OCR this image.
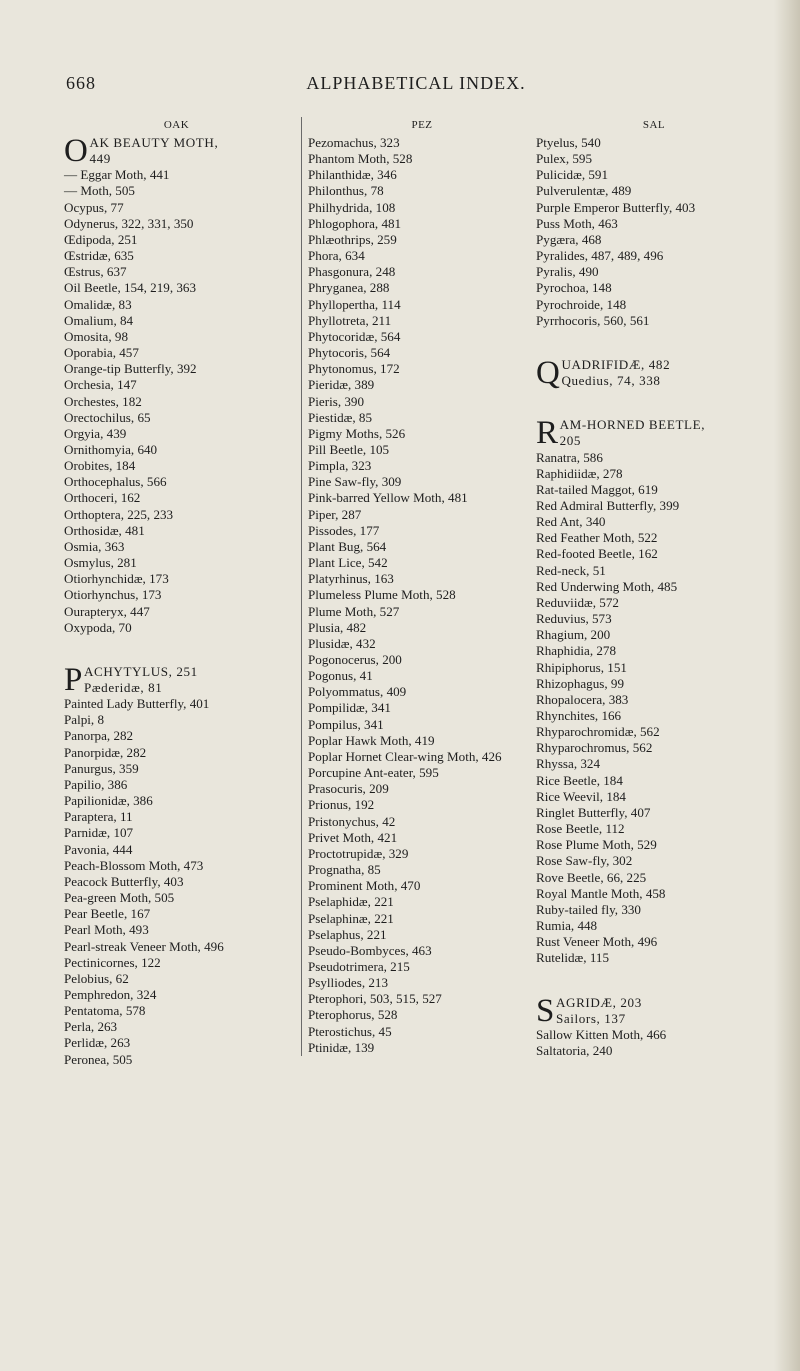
668	ALPHABETICAL INDEX.
OAK
O AK BEAUTY MOTH,
449
— Eggar Moth, 441
— Moth, 505
Ocypus, 77
Odynerus, 322, 331, 350
Œdipoda, 251
Œstridæ, 635
Œstrus, 637
Oil Beetle, 154, 219, 363
Omalidæ, 83
Omalium, 84
Omosita, 98
Oporabia, 457
Orange-tip Butterfly, 392
Orchesia, 147
Orchestes, 182
Orectochilus, 65
Orgyia, 439
Ornithomyia, 640
Orobites, 184
Orthocephalus, 566
Orthoceri, 162
Orthoptera, 225, 233
Orthosidæ, 481
Osmia, 363
Osmylus, 281
Otiorhynchidæ, 173
Otiorhynchus, 173
Ourapteryx, 447
Oxypoda, 70
P ACHYTYLUS, 251
Pæderidæ, 81
Painted Lady Butterfly, 401
Palpi, 8
Panorpa, 282
Panorpidæ, 282
Panurgus, 359
Papilio, 386
Papilionidæ, 386
Paraptera, 11
Parnidæ, 107
Pavonia, 444
Peach-Blossom Moth, 473
Peacock Butterfly, 403
Pea-green Moth, 505
Pear Beetle, 167
Pearl Moth, 493
Pearl-streak Veneer Moth, 496
Pectinicornes, 122
Pelobius, 62
Pemphredon, 324
Pentatoma, 578
Perla, 263
Perlidæ, 263
Peronea, 505
PEZ
Pezomachus, 323
Phantom Moth, 528
Philanthidæ, 346
Philonthus, 78
Philhydrida, 108
Phlogophora, 481
Phlæothrips, 259
Phora, 634
Phasgonura, 248
Phryganea, 288
Phyllopertha, 114
Phyllotreta, 211
Phytocoridæ, 564
Phytocoris, 564
Phytonomus, 172
Pieridæ, 389
Pieris, 390
Piestidæ, 85
Pigmy Moths, 526
Pill Beetle, 105
Pimpla, 323
Pine Saw-fly, 309
Pink-barred Yellow Moth, 481
Piper, 287
Pissodes, 177
Plant Bug, 564
Plant Lice, 542
Platyrhinus, 163
Plumeless Plume Moth, 528
Plume Moth, 527
Plusia, 482
Plusidæ, 432
Pogonocerus, 200
Pogonus, 41
Polyommatus, 409
Pompilidæ, 341
Pompilus, 341
Poplar Hawk Moth, 419
Poplar Hornet Clear-wing Moth, 426
Porcupine Ant-eater, 595
Prasocuris, 209
Prionus, 192
Pristonychus, 42
Privet Moth, 421
Proctotrupidæ, 329
Prognatha, 85
Prominent Moth, 470
Pselaphidæ, 221
Pselaphinæ, 221
Pselaphus, 221
Pseudo-Bombyces, 463
Pseudotrimera, 215
Psylliodes, 213
Pterophori, 503, 515, 527
Pterophorus, 528
Pterostichus, 45
Ptinidæ, 139
SAL
Ptyelus, 540
Pulex, 595
Pulicidæ, 591
Pulverulentæ, 489
Purple Emperor Butterfly, 403
Puss Moth, 463
Pygæra, 468
Pyralides, 487, 489, 496
Pyralis, 490
Pyrochoa, 148
Pyrochroide, 148
Pyrrhocoris, 560, 561
Q UADRIFIDÆ, 482
Quedius, 74, 338
R AM-HORNED BEETLE,
205
Ranatra, 586
Raphidiidæ, 278
Rat-tailed Maggot, 619
Red Admiral Butterfly, 399
Red Ant, 340
Red Feather Moth, 522
Red-footed Beetle, 162
Red-neck, 51
Red Underwing Moth, 485
Reduviidæ, 572
Reduvius, 573
Rhagium, 200
Rhaphidia, 278
Rhipiphorus, 151
Rhizophagus, 99
Rhopalocera, 383
Rhynchites, 166
Rhyparochromidæ, 562
Rhyparochromus, 562
Rhyssa, 324
Rice Beetle, 184
Rice Weevil, 184
Ringlet Butterfly, 407
Rose Beetle, 112
Rose Plume Moth, 529
Rose Saw-fly, 302
Rove Beetle, 66, 225
Royal Mantle Moth, 458
Ruby-tailed fly, 330
Rumia, 448
Rust Veneer Moth, 496
Rutelidæ, 115
S AGRIDÆ, 203
Sailors, 137
Sallow Kitten Moth, 466
Saltatoria, 240
